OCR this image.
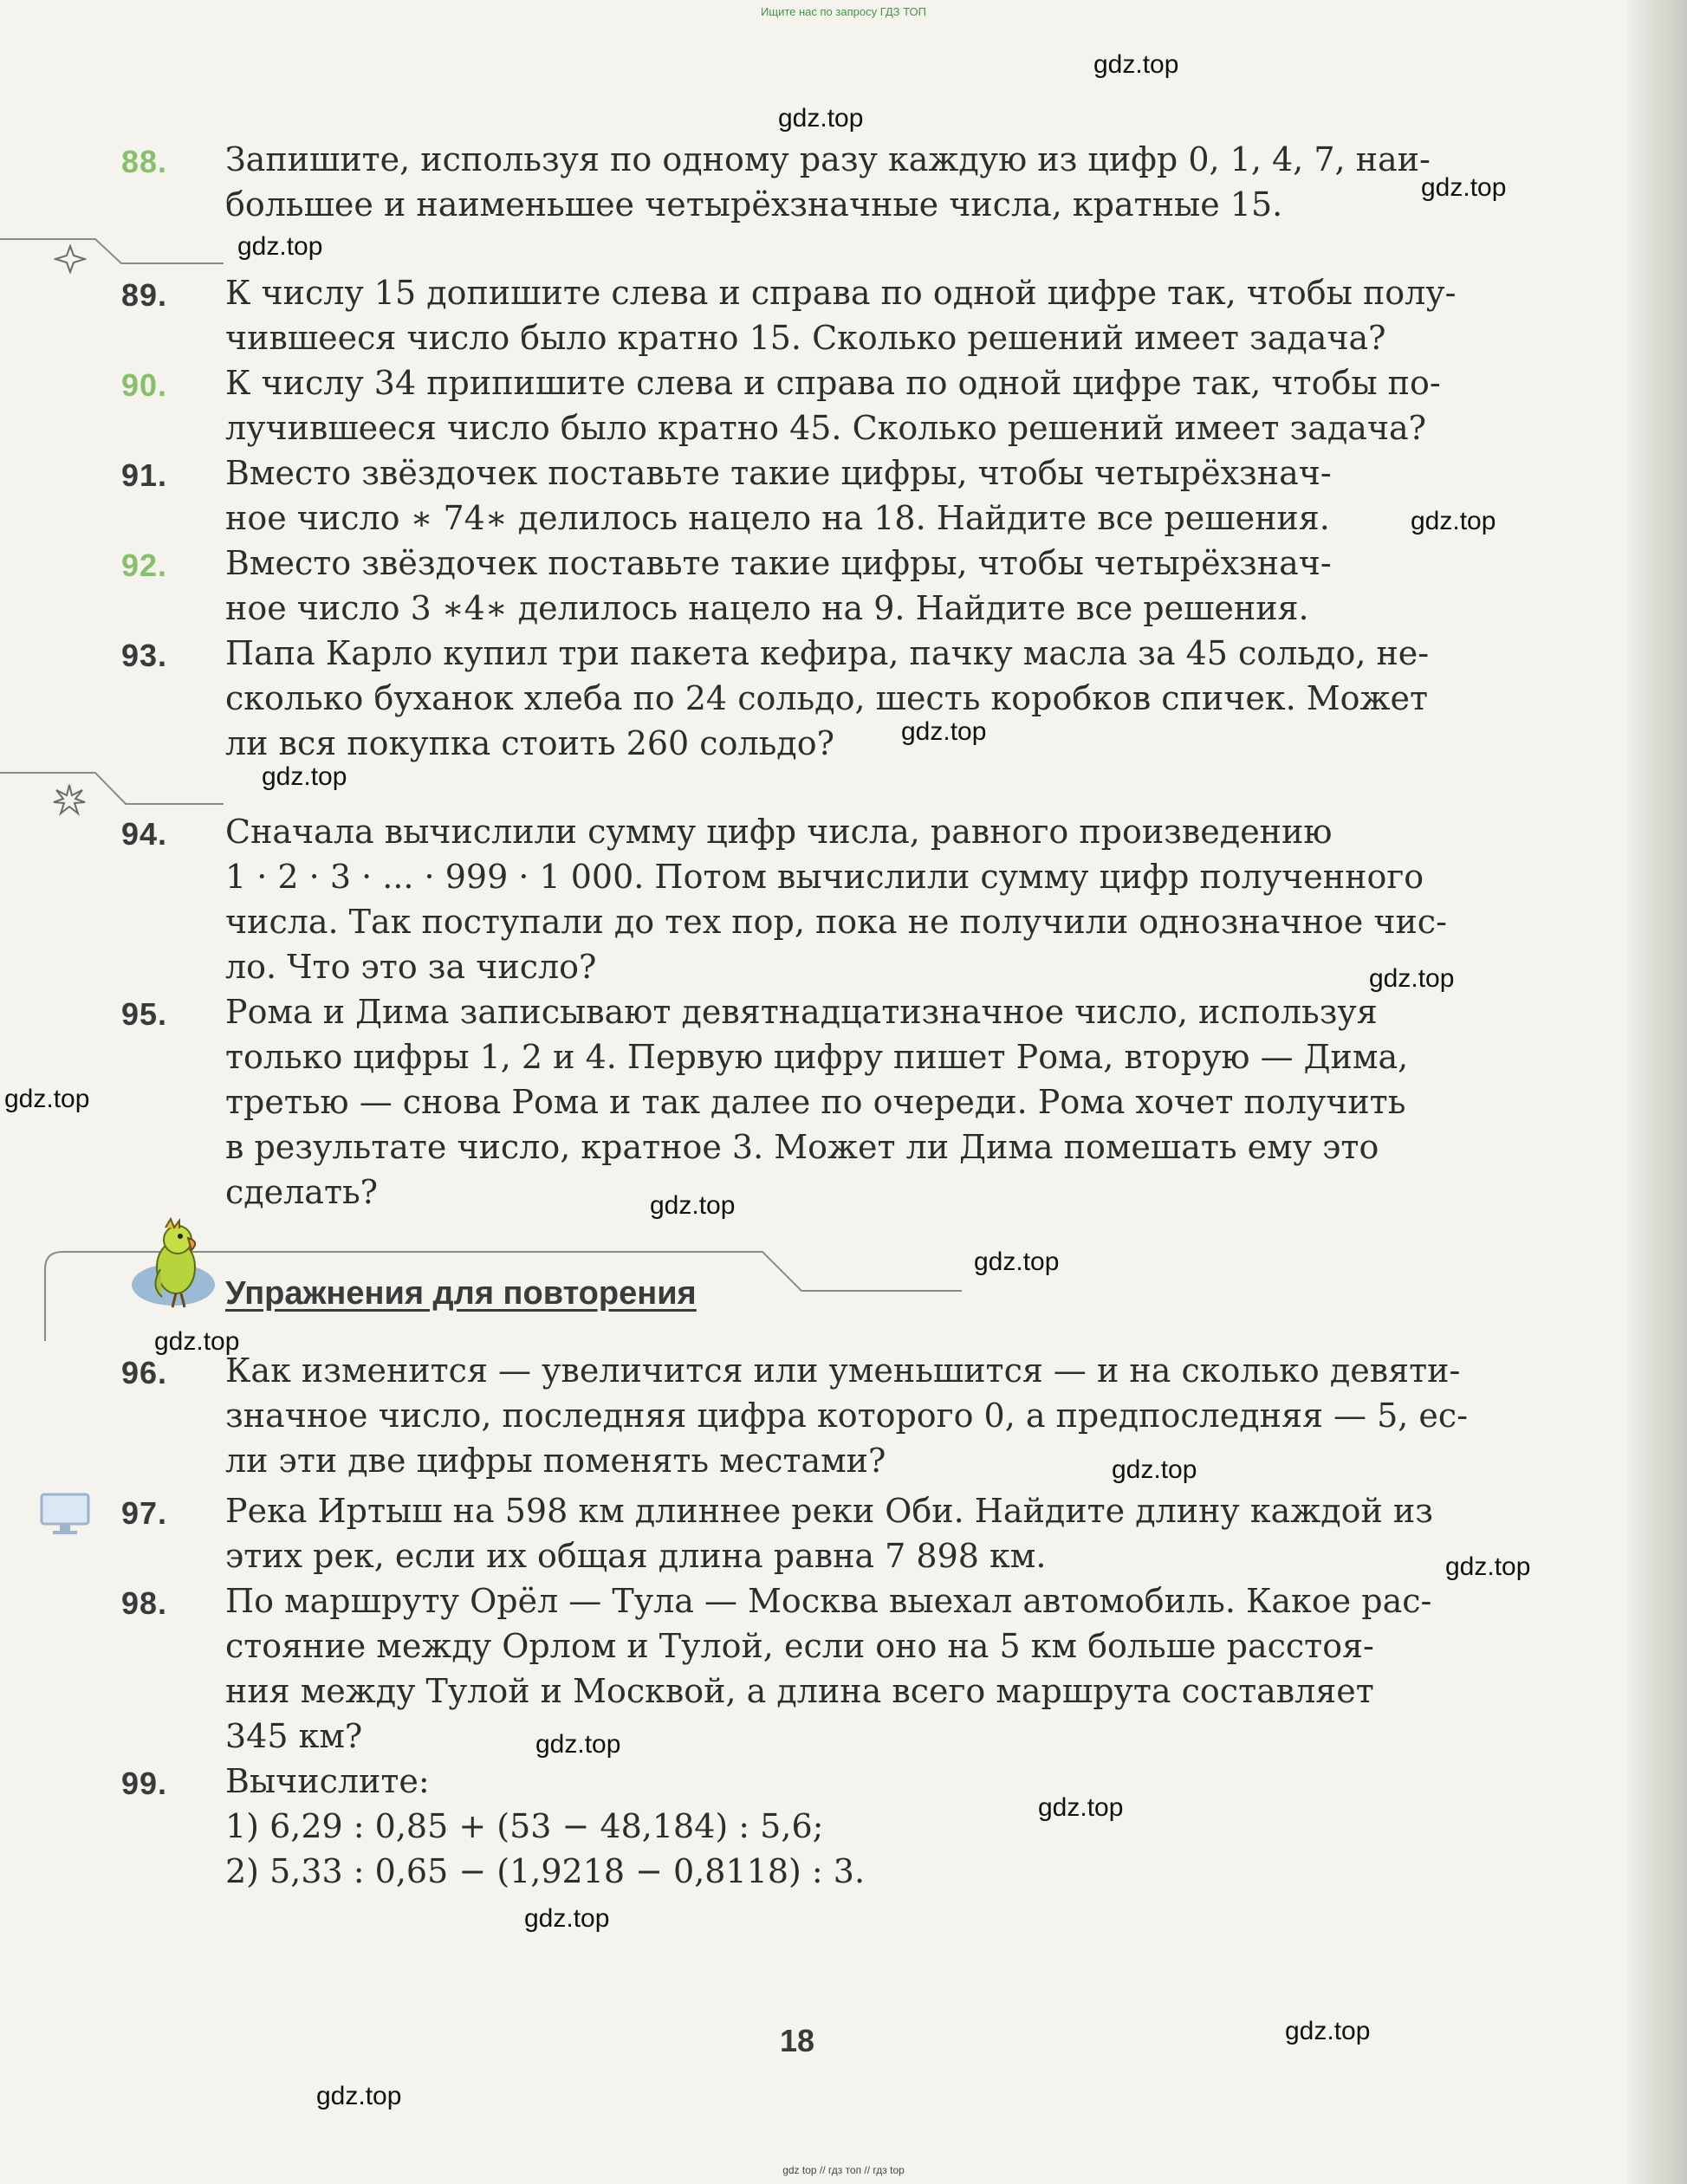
Ищите нас по запросу ГДЗ ТОП
gdz.top
gdz.top
gdz.top
gdz.top
gdz.top
gdz.top
gdz.top
gdz.top
gdz.top
gdz.top
gdz.top
gdz.top
gdz.top
gdz.top
gdz.top
gdz.top
gdz.top
gdz.top
gdz.top
88. Запишите, используя по одному разу каждую из цифр 0, 1, 4, 7, наи-
большее и наименьшее четырёхзначные числа, кратные 15.
89. К числу 15 допишите слева и справа по одной цифре так, чтобы полу-
чившееся число было кратно 15. Сколько решений имеет задача?
90. К числу 34 припишите слева и справа по одной цифре так, чтобы по-
лучившееся число было кратно 45. Сколько решений имеет задача?
91. Вместо звёздочек поставьте такие цифры, чтобы четырёхзнач-
ное число ∗ 74∗ делилось нацело на 18. Найдите все решения.
92. Вместо звёздочек поставьте такие цифры, чтобы четырёхзнач-
ное число 3 ∗4∗ делилось нацело на 9. Найдите все решения.
93. Папа Карло купил три пакета кефира, пачку масла за 45 сольдо, не-
сколько буханок хлеба по 24 сольдо, шесть коробков спичек. Может
ли вся покупка стоить 260 сольдо?
94. Сначала вычислили сумму цифр числа, равного произведению
1 · 2 · 3 · ... · 999 · 1 000. Потом вычислили сумму цифр полученного
числа. Так поступали до тех пор, пока не получили однозначное чис-
ло. Что это за число?
95. Рома и Дима записывают девятнадцатизначное число, используя
только цифры 1, 2 и 4. Первую цифру пишет Рома, вторую — Дима,
третью — снова Рома и так далее по очереди. Рома хочет получить
в результате число, кратное 3. Может ли Дима помешать ему это
сделать?
Упражнения для повторения
96. Как изменится — увеличится или уменьшится — и на сколько девяти-
значное число, последняя цифра которого 0, а предпоследняя — 5, ес-
ли эти две цифры поменять местами?
97. Река Иртыш на 598 км длиннее реки Оби. Найдите длину каждой из
этих рек, если их общая длина равна 7 898 км.
98. По маршруту Орёл — Тула — Москва выехал автомобиль. Какое рас-
стояние между Орлом и Тулой, если оно на 5 км больше расстоя-
ния между Тулой и Москвой, а длина всего маршрута составляет
345 км?
99. Вычислите:
1) 6,29 : 0,85 + (53 − 48,184) : 5,6;
2) 5,33 : 0,65 − (1,9218 − 0,8118) : 3.
18
gdz top // гдз топ // гдз top
